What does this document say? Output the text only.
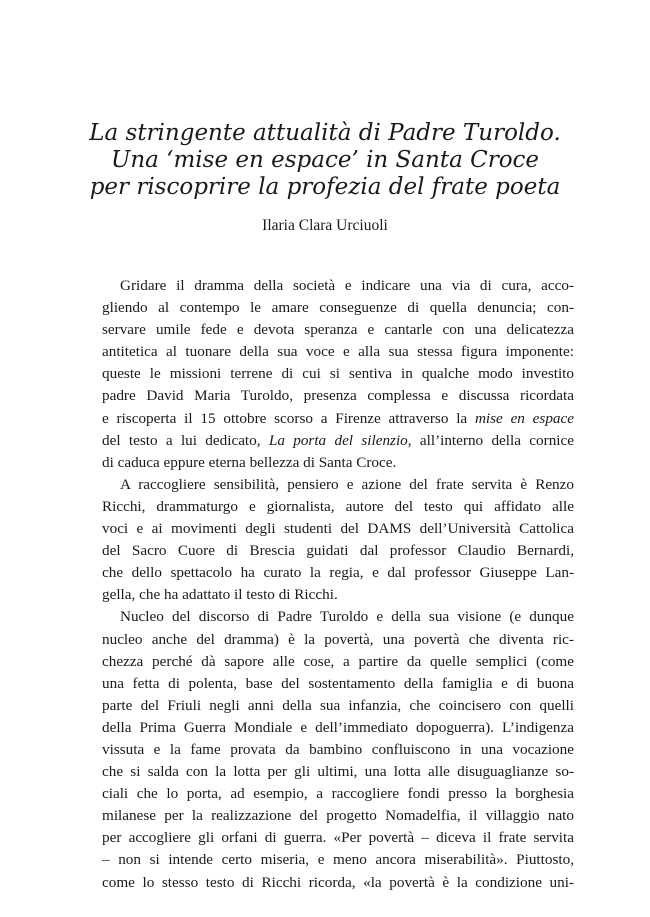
La stringente attualità di Padre Turoldo.
Una ‘mise en espace’ in Santa Croce
per riscoprire la profezia del frate poeta
Ilaria Clara Urciuoli
Gridare il dramma della società e indicare una via di cura, acco-
gliendo al contempo le amare conseguenze di quella denuncia; con-
servare umile fede e devota speranza e cantarle con una delicatezza
antitetica al tuonare della sua voce e alla sua stessa figura imponente:
queste le missioni terrene di cui si sentiva in qualche modo investito
padre David Maria Turoldo, presenza complessa e discussa ricordata
e riscoperta il 15 ottobre scorso a Firenze attraverso la mise en espace
del testo a lui dedicato, La porta del silenzio, all’interno della cornice
di caduca eppure eterna bellezza di Santa Croce.
A raccogliere sensibilità, pensiero e azione del frate servita è Renzo
Ricchi, drammaturgo e giornalista, autore del testo qui affidato alle
voci e ai movimenti degli studenti del DAMS dell’Università Cattolica
del Sacro Cuore di Brescia guidati dal professor Claudio Bernardi,
che dello spettacolo ha curato la regia, e dal professor Giuseppe Lan-
gella, che ha adattato il testo di Ricchi.
Nucleo del discorso di Padre Turoldo e della sua visione (e dunque
nucleo anche del dramma) è la povertà, una povertà che diventa ric-
chezza perché dà sapore alle cose, a partire da quelle semplici (come
una fetta di polenta, base del sostentamento della famiglia e di buona
parte del Friuli negli anni della sua infanzia, che coincisero con quelli
della Prima Guerra Mondiale e dell’immediato dopoguerra). L’indigenza
vissuta e la fame provata da bambino confluiscono in una vocazione
che si salda con la lotta per gli ultimi, una lotta alle disuguaglianze so-
ciali che lo porta, ad esempio, a raccogliere fondi presso la borghesia
milanese per la realizzazione del progetto Nomadelfia, il villaggio nato
per accogliere gli orfani di guerra. «Per povertà – diceva il frate servita
– non si intende certo miseria, e meno ancora miserabilità». Piuttosto,
come lo stesso testo di Ricchi ricorda, «la povertà è la condizione uni-
